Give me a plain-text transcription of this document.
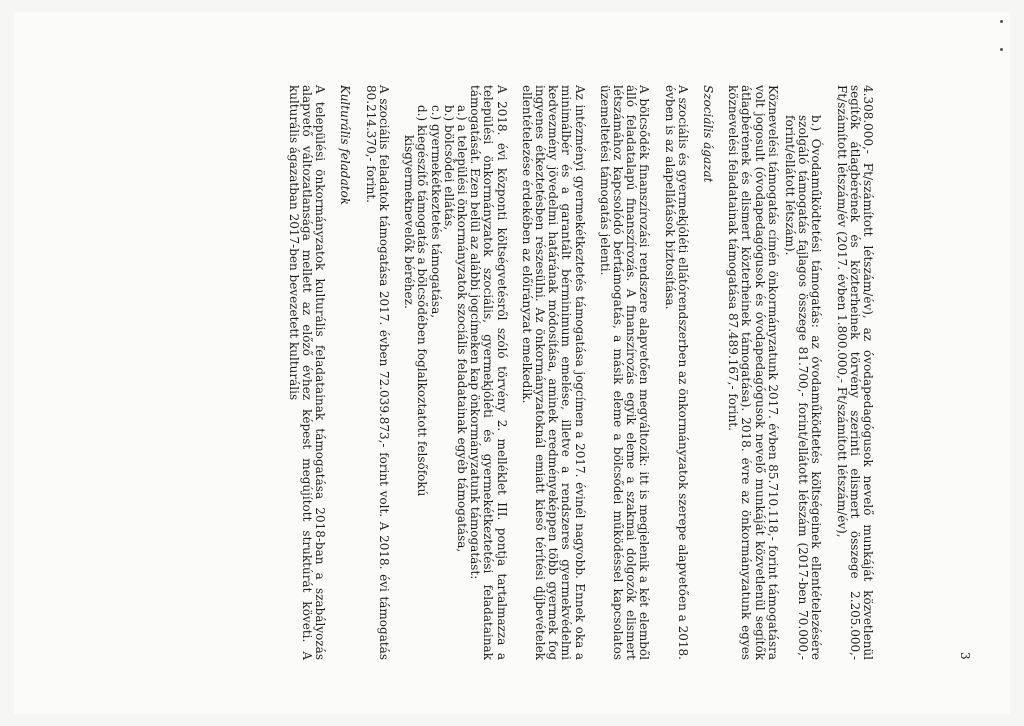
3

4.308.000,- Ft/számított létszám/év), az óvodapedagógusok nevelő munkáját közvetlenül segítők átlagbérének és közterheinek törvény szerinti elismert összege 2.205.000,- Ft/számított létszám/év (2017. évben 1.800.000,- Ft/számított létszám/év),

b.) Óvodaműködtetési támogatás: az óvodaműködtetés költségeinek ellentételezésére szolgáló támogatás fajlagos összege 81.700,- forint/ellátott létszám (2017-ben 70.000,- forint/ellátott létszám).

Köznevelési támogatás címén önkormányzatunk 2017. évben 85.710.118,- forint támogatásra volt jogosult (óvodapedagógusok és óvodapedagógusok nevelő munkáját közvetlenül segítők átlagbérének és elismert közterheinek támogatása). 2018. évre az önkormányzatunk egyes köznevelési feladatainak támogatása 87.489.167,- forint.

Szociális ágazat

A szociális és gyermekjóléti ellátórendszerben az önkormányzatok szerepe alapvetően a 2018. évben is az alapellátások biztosítása.

A bölcsődék finanszírozási rendszere alapvetően megváltozik: itt is megjelenik a két elemből álló feladatalapú finanszírozás. A finanszírozás egyik eleme a szakmai dolgozók elismert létszámához kapcsolódó bértámogatás, a másik eleme a bölcsődei működéssel kapcsolatos üzemeltetési támogatás jelenti.

Az intézményi gyermekétkeztetés támogatása jogcímen a 2017. évinél nagyobb. Ennek oka a minimálbér és a garantált bérminimum emelése, illetve a rendszeres gyermekvédelmi kedvezmény jövedelmi határának módosítása, aminek eredményeképpen több gyermek fog ingyenes étkeztetésben részesülni. Az önkormányzatoknál emiatt kieső térítési díjbevételek ellentételezése érdekében az előirányzat emelkedik.

A 2018. évi központi költségvetésről szóló törvény 2. melléklet III. pontja tartalmazza a települési önkormányzatok szociális, gyermekjóléti és gyermekétkeztetési feladatainak támogatását. Ezen belül az alábbi jogcímeken kap önkormányzatunk támogatást:

a.) a települési önkormányzatok szociális feladatainak egyéb támogatása,
b.) bölcsődei ellátás,
c.) gyermekétkeztetés támogatása,
d.) kiegészítő támogatás a bölcsődében foglalkoztatott felsőfokú
kisgyermeknevelők béréhez.

A szociális feladatok támogatása 2017. évben 72.039.873,- forint volt. A 2018. évi támogatás 80.214.370,- forint.

Kulturális feladatok

A települési önkormányzatok kulturális feladatainak támogatása 2018-ban a szabályozás alapvető változatlansága mellett az előző évhez képest megújított struktúrát követi. A kulturális ágazatban 2017-ben bevezetett kulturális
